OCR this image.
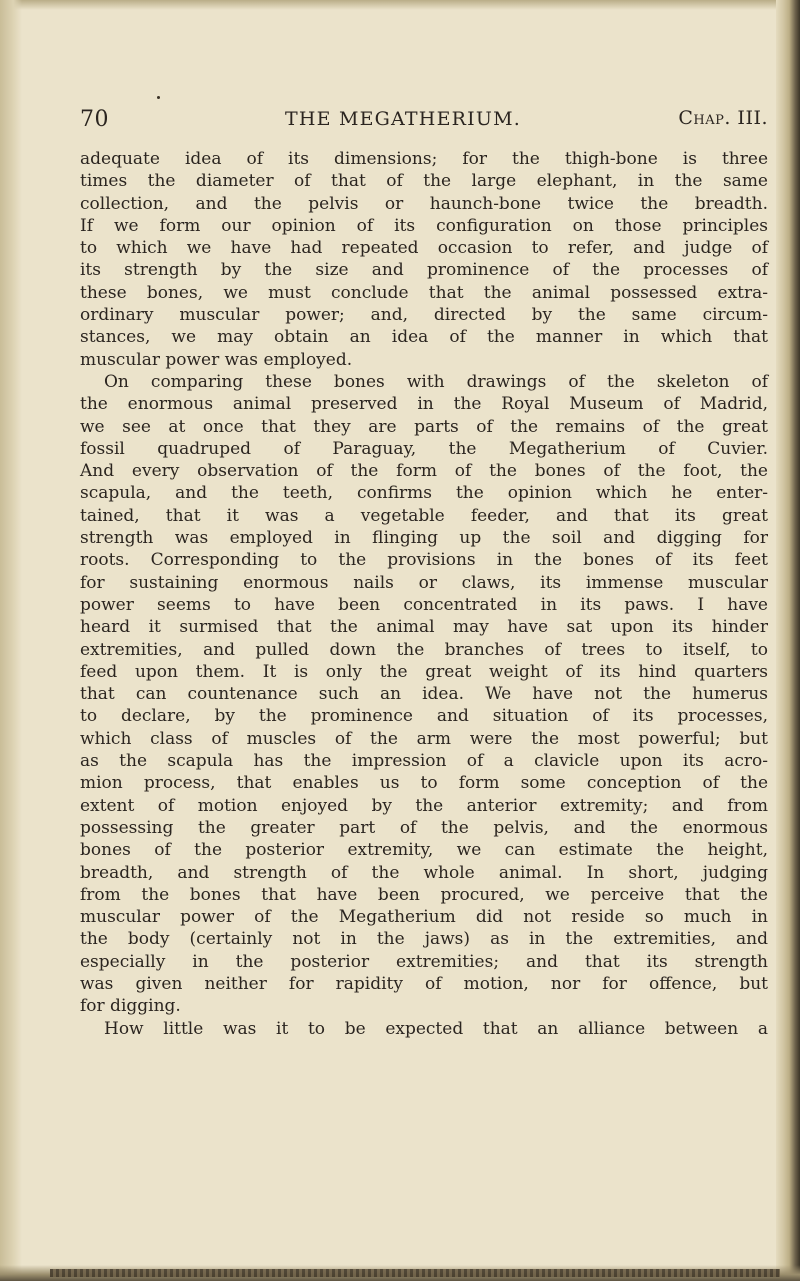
70	THE MEGATHERIUM.	Chap. III.
adequate idea of its dimensions; for the thigh-bone is three
times the diameter of that of the large elephant, in the same
collection, and the pelvis or haunch-bone twice the breadth.
If we form our opinion of its configuration on those principles
to which we have had repeated occasion to refer, and judge of
its strength by the size and prominence of the processes of
these bones, we must conclude that the animal possessed extra-
ordinary muscular power; and, directed by the same circum-
stances, we may obtain an idea of the manner in which that
muscular power was employed.
On comparing these bones with drawings of the skeleton of
the enormous animal preserved in the Royal Museum of Madrid,
we see at once that they are parts of the remains of the great
fossil quadruped of Paraguay, the Megatherium of Cuvier.
And every observation of the form of the bones of the foot, the
scapula, and the teeth, confirms the opinion which he enter-
tained, that it was a vegetable feeder, and that its great
strength was employed in flinging up the soil and digging for
roots. Corresponding to the provisions in the bones of its feet
for sustaining enormous nails or claws, its immense muscular
power seems to have been concentrated in its paws. I have
heard it surmised that the animal may have sat upon its hinder
extremities, and pulled down the branches of trees to itself, to
feed upon them. It is only the great weight of its hind quarters
that can countenance such an idea. We have not the humerus
to declare, by the prominence and situation of its processes,
which class of muscles of the arm were the most powerful; but
as the scapula has the impression of a clavicle upon its acro-
mion process, that enables us to form some conception of the
extent of motion enjoyed by the anterior extremity; and from
possessing the greater part of the pelvis, and the enormous
bones of the posterior extremity, we can estimate the height,
breadth, and strength of the whole animal. In short, judging
from the bones that have been procured, we perceive that the
muscular power of the Megatherium did not reside so much in
the body (certainly not in the jaws) as in the extremities, and
especially in the posterior extremities; and that its strength
was given neither for rapidity of motion, nor for offence, but
for digging.
How little was it to be expected that an alliance between a
